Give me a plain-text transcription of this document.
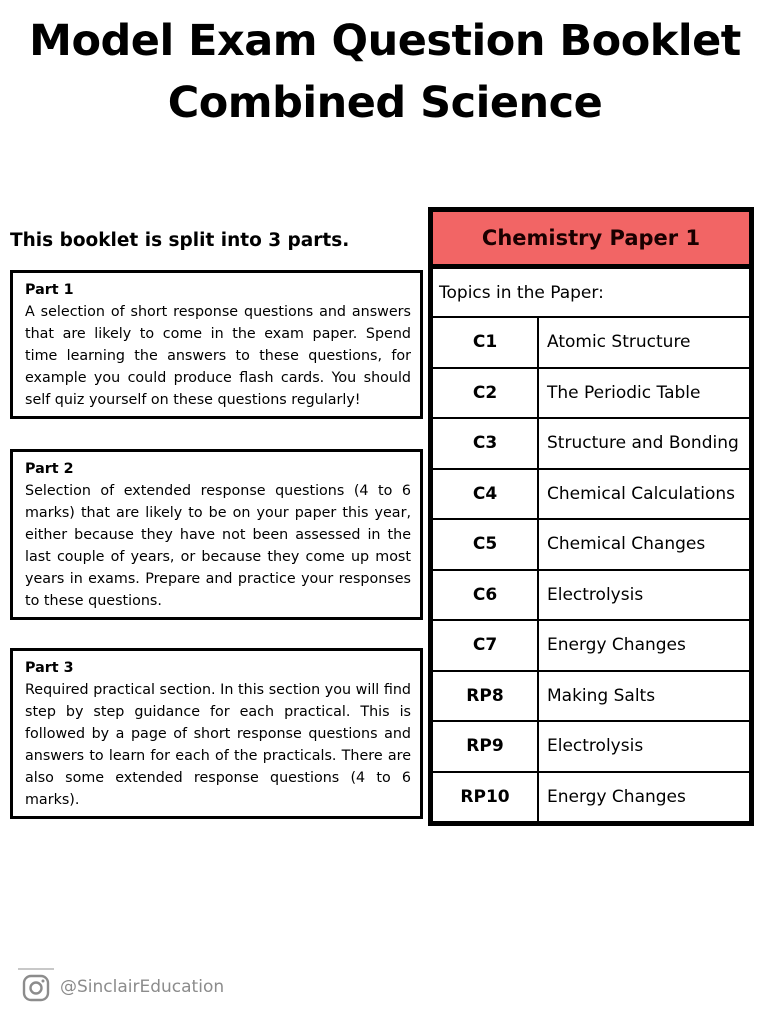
Model Exam Question Booklet
Combined Science
This booklet is split into 3 parts.
Part 1
A selection of short response questions and answers that are likely to come in the exam paper. Spend time learning the answers to these questions, for example you could produce flash cards. You should self quiz yourself on these questions regularly!
Part 2
Selection of extended response questions (4 to 6 marks) that are likely to be on your paper this year, either because they have not been assessed in the last couple of years, or because they come up most years in exams. Prepare and practice your responses to these questions.
Part 3
Required practical section. In this section you will find step by step guidance for each practical. This is followed by a page of short response questions and answers to learn for each of the practicals. There are also some extended response questions (4 to 6 marks).
Chemistry Paper 1
Topics in the Paper:
C1	Atomic Structure
C2	The Periodic Table
C3	Structure and Bonding
C4	Chemical Calculations
C5	Chemical Changes
C6	Electrolysis
C7	Energy Changes
RP8	Making Salts
RP9	Electrolysis
RP10	Energy Changes
@SinclairEducation
